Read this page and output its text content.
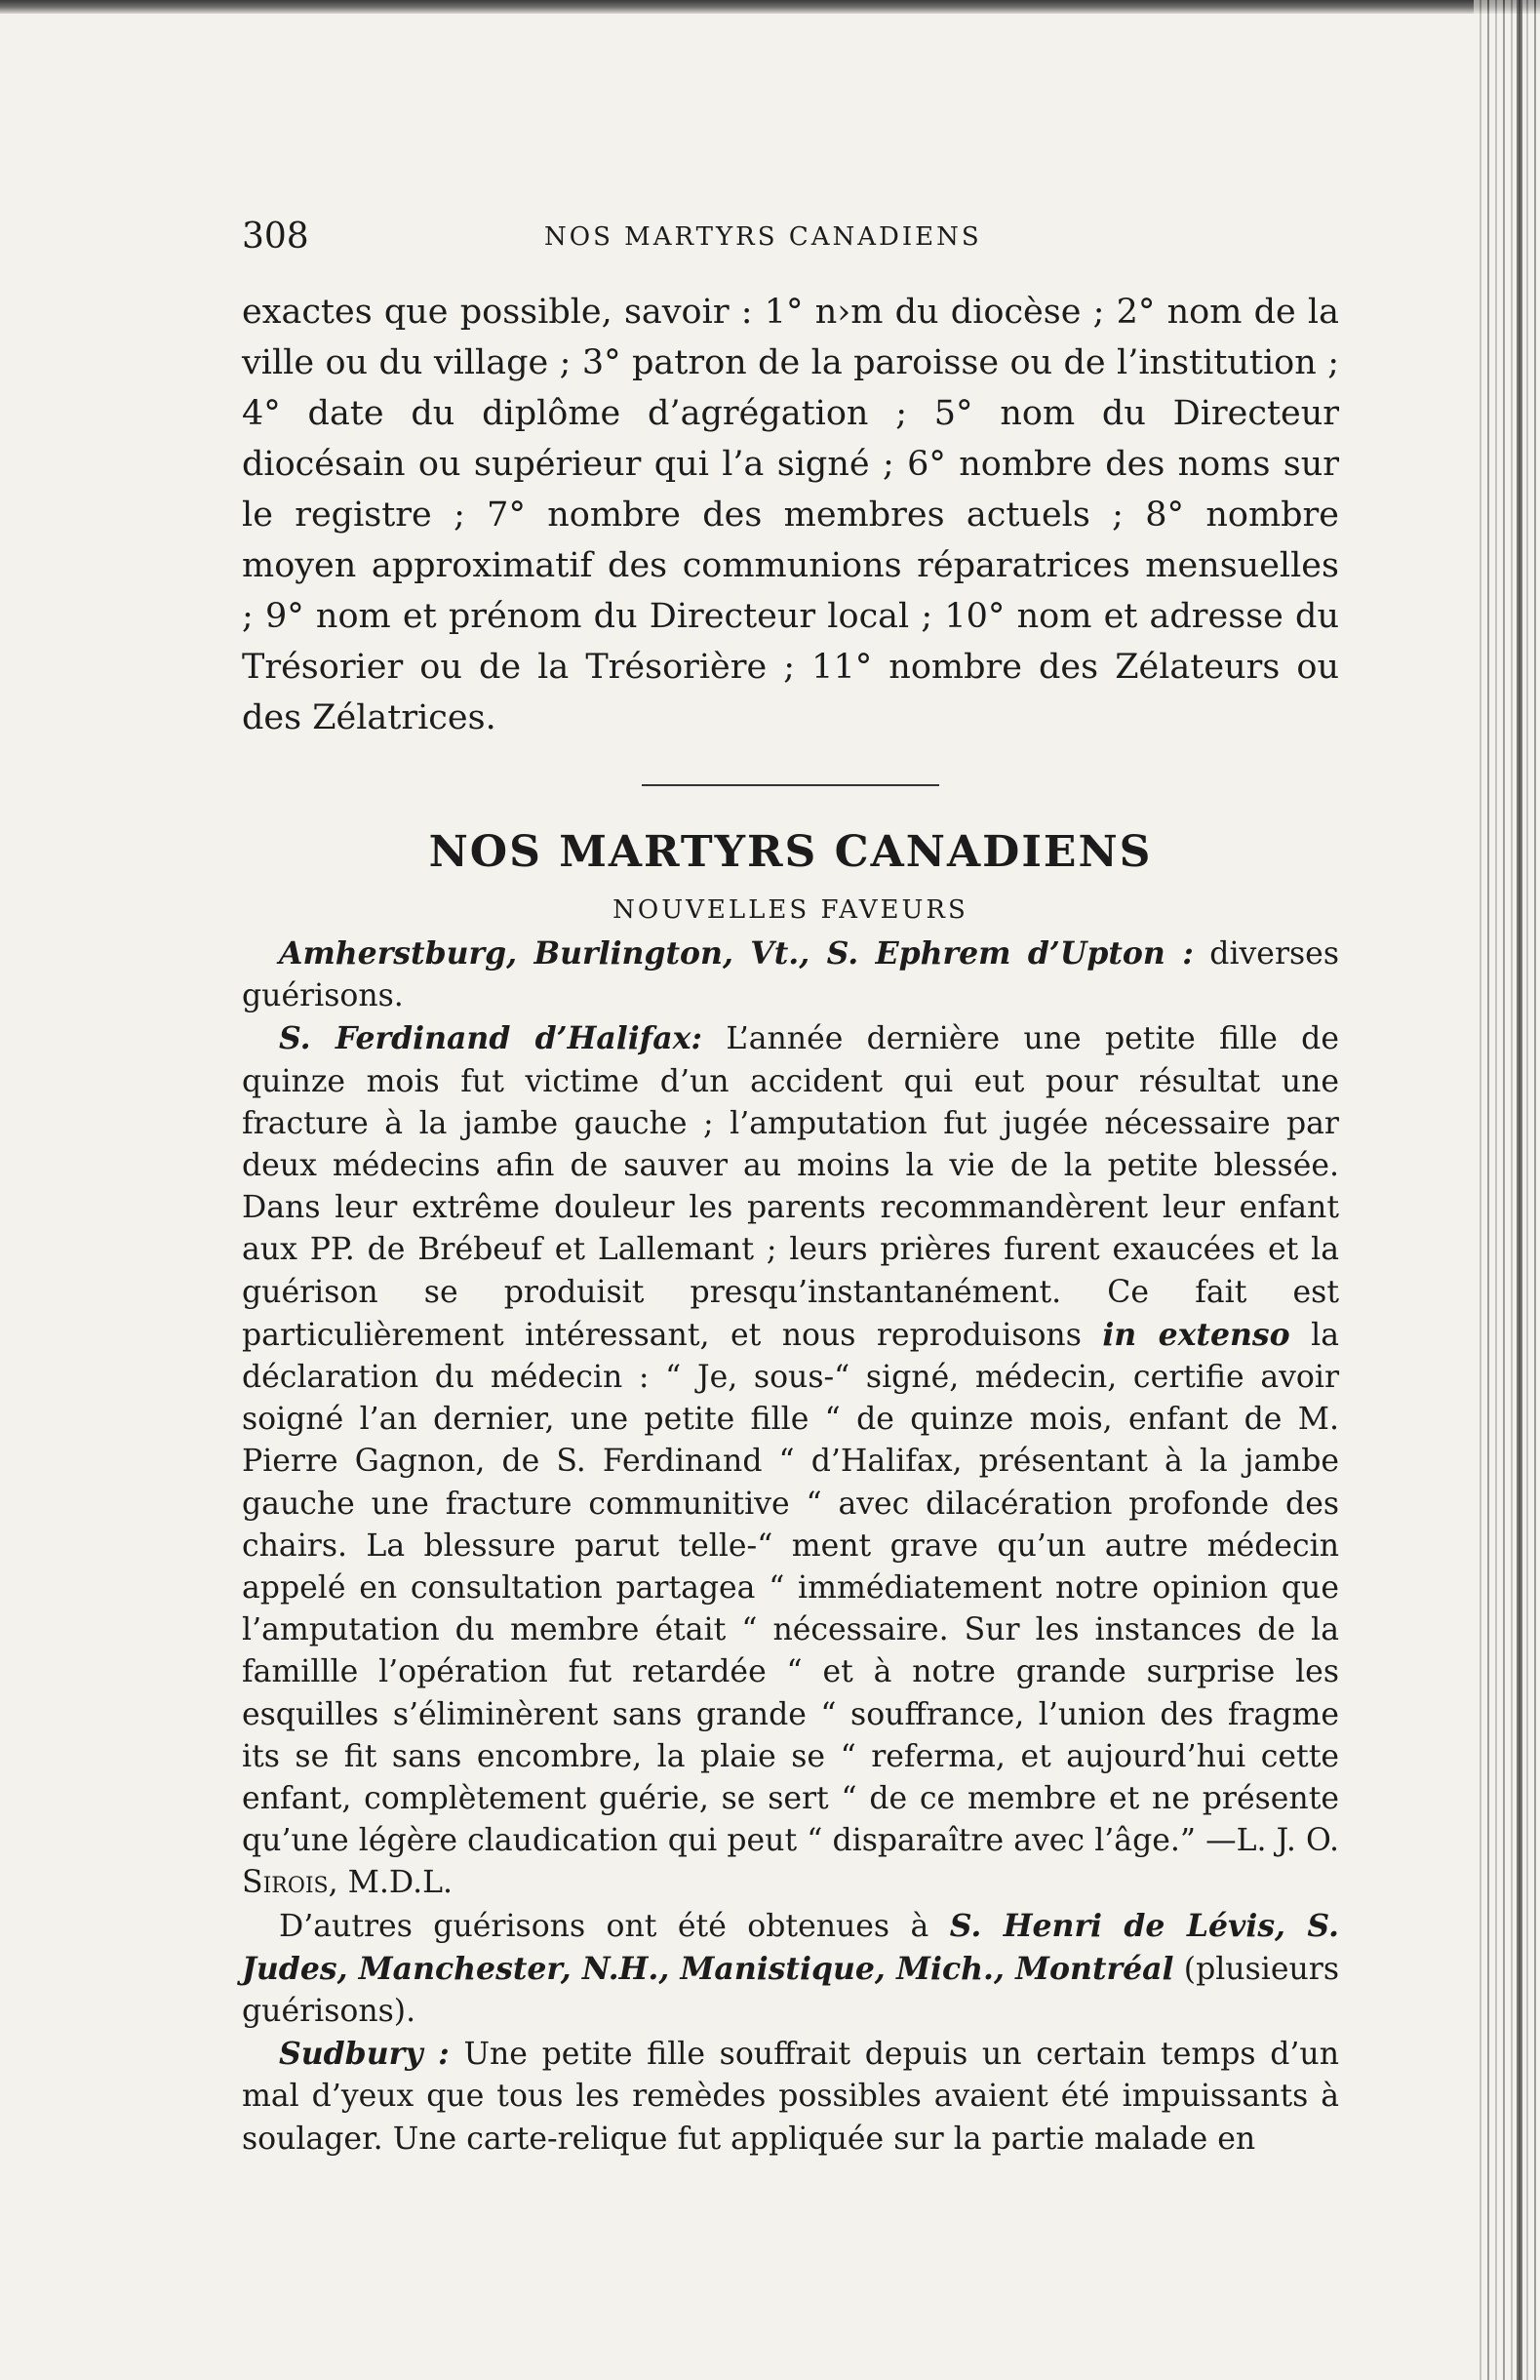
308	NOS MARTYRS CANADIENS

exactes que possible, savoir : 1° n›m du diocèse ; 2° nom de la ville ou du village ; 3° patron de la paroisse ou de l’institution ; 4° date du diplôme d’agrégation ; 5° nom du Directeur diocésain ou supérieur qui l’a signé ; 6° nombre des noms sur le registre ; 7° nombre des membres actuels ; 8° nombre moyen approximatif des communions réparatrices mensuelles ; 9° nom et prénom du Directeur local ; 10° nom et adresse du Trésorier ou de la Trésorière ; 11° nombre des Zélateurs ou des Zélatrices.

NOS MARTYRS CANADIENS
NOUVELLES FAVEURS

Amherstburg, Burlington, Vt., S. Ephrem d’Upton : diverses guérisons.

S. Ferdinand d’Halifax: L’année dernière une petite fille de quinze mois fut victime d’un accident qui eut pour résultat une fracture à la jambe gauche ; l’amputation fut jugée nécessaire par deux médecins afin de sauver au moins la vie de la petite blessée. Dans leur extrême douleur les parents recommandèrent leur enfant aux PP. de Brébeuf et Lallemant ; leurs prières furent exaucées et la guérison se produisit presqu’instantanément. Ce fait est particulièrement intéressant, et nous reproduisons in extenso la déclaration du médecin : “ Je, sous-“ signé, médecin, certifie avoir soigné l’an dernier, une petite fille “ de quinze mois, enfant de M. Pierre Gagnon, de S. Ferdinand “ d’Halifax, présentant à la jambe gauche une fracture communitive “ avec dilacération profonde des chairs. La blessure parut telle-“ ment grave qu’un autre médecin appelé en consultation partagea “ immédiatement notre opinion que l’amputation du membre était “ nécessaire. Sur les instances de la famillle l’opération fut retardée “ et à notre grande surprise les esquilles s’éliminèrent sans grande “ souffrance, l’union des fragme its se fit sans encombre, la plaie se “ referma, et aujourd’hui cette enfant, complètement guérie, se sert “ de ce membre et ne présente qu’une légère claudication qui peut “ disparaître avec l’âge.” —L. J. O. Sirois, M.D.L.

D’autres guérisons ont été obtenues à S. Henri de Lévis, S. Judes, Manchester, N.H., Manistique, Mich., Montréal (plusieurs guérisons).

Sudbury : Une petite fille souffrait depuis un certain temps d’un mal d’yeux que tous les remèdes possibles avaient été impuissants à soulager. Une carte-relique fut appliquée sur la partie malade en
